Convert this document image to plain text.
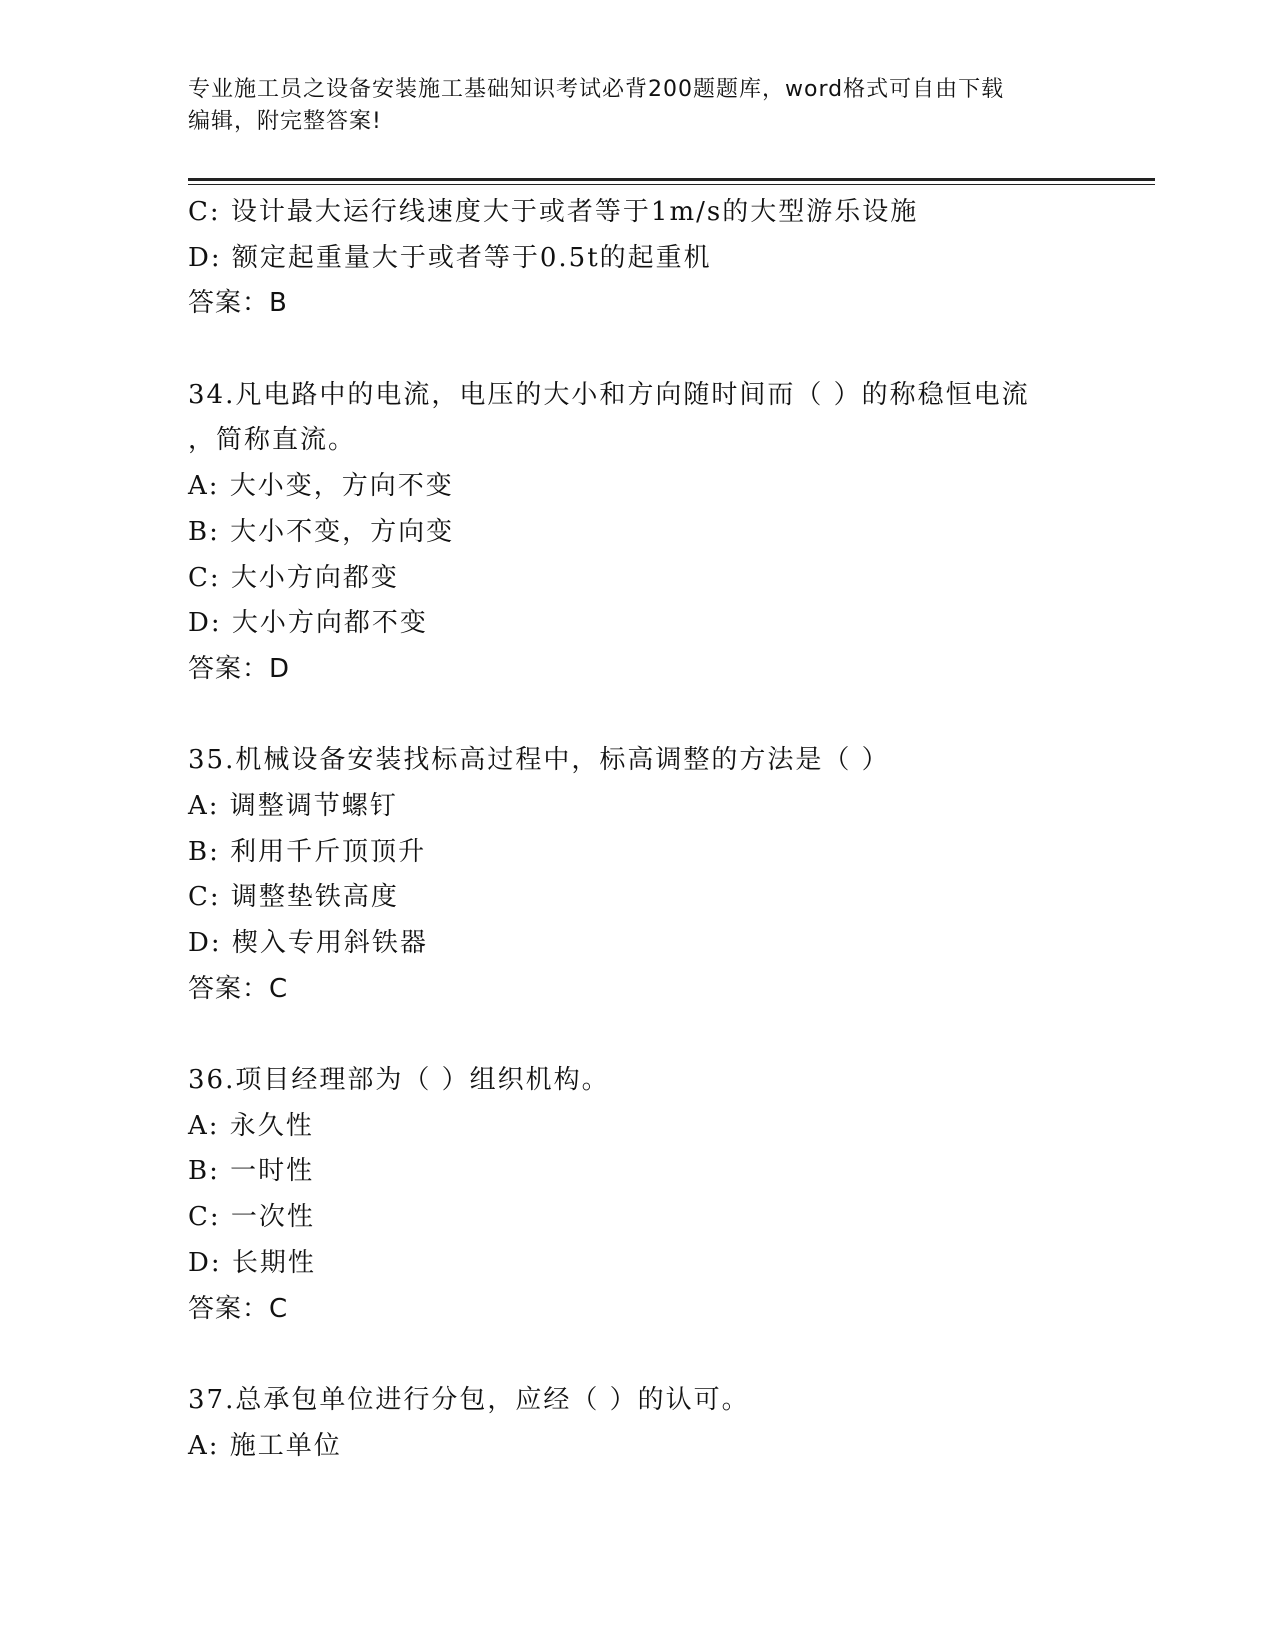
专业施工员之设备安装施工基础知识考试必背200题题库，word格式可自由下载
编辑，附完整答案!
C: 设计最大运行线速度大于或者等于1m/s的大型游乐设施
D: 额定起重量大于或者等于0.5t的起重机
答案：B
34.凡电路中的电流，电压的大小和方向随时间而（ ）的称稳恒电流
，简称直流。
A: 大小变，方向不变
B: 大小不变，方向变
C: 大小方向都变
D: 大小方向都不变
答案：D
35.机械设备安装找标高过程中，标高调整的方法是（ ）
A: 调整调节螺钉
B: 利用千斤顶顶升
C: 调整垫铁高度
D: 楔入专用斜铁器
答案：C
36.项目经理部为（ ）组织机构。
A: 永久性
B: 一时性
C: 一次性
D: 长期性
答案：C
37.总承包单位进行分包，应经（ ）的认可。
A: 施工单位
